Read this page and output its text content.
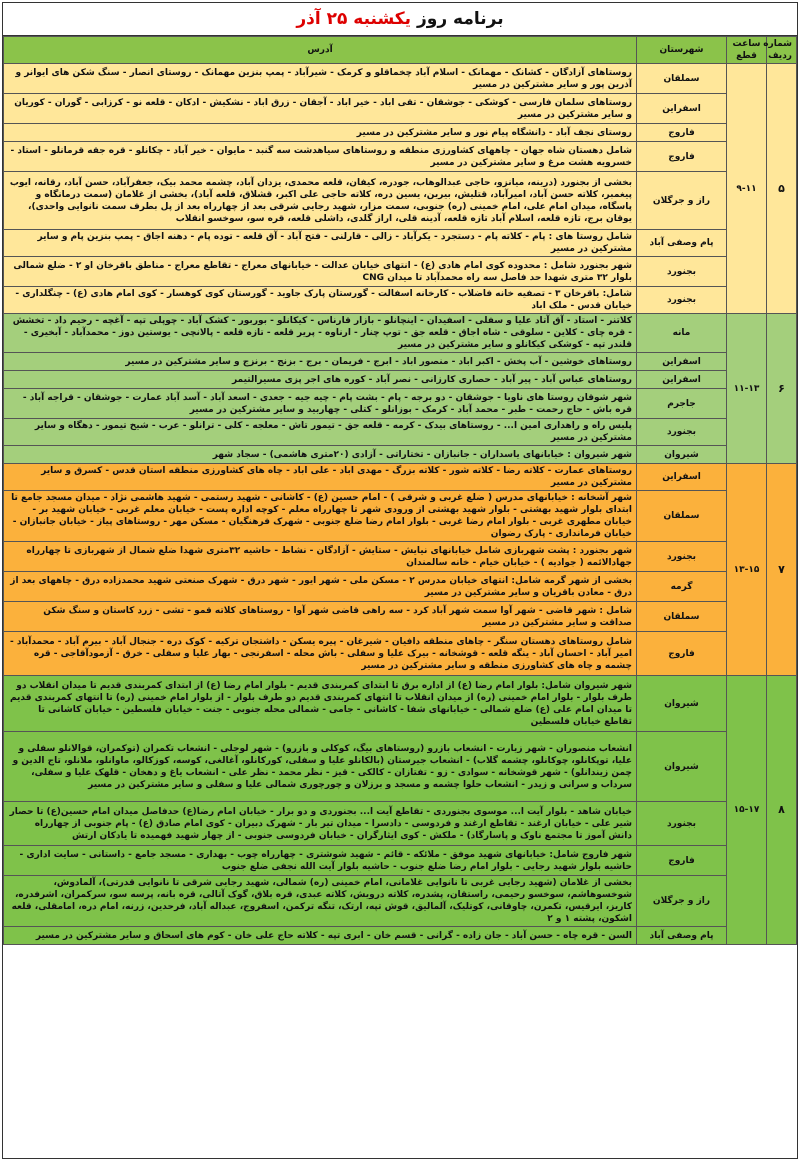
برنامه روز یکشنبه ۲۵ آذر
شماره ردیف	ساعت قطع	شهرستان	آدرس
۵	۹-۱۱	سملقان	روستاهای آزادگان - کشانک - مهمانک - اسلام آباد چخماقلو و کرمک - شیرآباد - پمپ بنزین مهمانک - روستای انصار - سنگ شکن های ایوانر و آذرین پور و سایر مشترکین در مسیر
		اسفراین	روستاهای سلمان فارسی - کوشکی - جوشقان - تقی اباد - خیر اباد - آجقان - زرق اباد - نشکیش - ادکان - قلعه نو - کرزابی - گوران - کوریان و سایر مشترکین در مسیر
		فاروج	روستای نجف آباد - دانشگاه پیام نور و سایر مشترکین در مسیر
		فاروج	شامل دهستان شاه جهان - چاههای کشاورزی منطقه و روستاهای سیاهدشت سه گنبد - مایوان - خیر آباد - چکانلو - قره جقه قرمانلو - استاد - خسرویه هشت مرغ و سایر مشترکین در مسیر
		راز و جرگلان	بخشی از بجنورد (درینه، میانزو، حاجی عبدالوهاب، جودره، کیفان، قلعه محمدی، یزدان آباد، چشمه محمد بیک، جعفرآباد، حسن آباد، رقانه، ایوب پیغمبر، کلاته حسن آباد، امیرآباد، قتلیش، بیرین، یسین دره، کلاته حاجی علی اکبر، قشلاق، قلعه آباد)، بخشی از غلامان (سمت درمانگاه و پاسگاه، میدان امام علی، امام خمینی (ره) جنوبی، سمت مزار، شهید رجایی شرقی بعد از چهارراه بعد از پل بطرف سمت نانوایی واحدی)، یوقان برج، تازه قلعه، اسلام آباد تازه قلعه، آدینه قلی، اراز گلدی، داشلی قلعه، قره سو، سوخسو انقلاب
		پام وصفی آباد	شامل روستا های : پام - کلاته پام - دستجرد - یکرآباد - زالی - قارلنی - فتح آباد - آق قلعه - توده پام - دهنه اجاق - پمپ بنزین پام و سایر مشترکین در مسیر
		بجنورد	شهر بجنورد شامل : محدوده کوی امام هادی (ع) - انتهای خیابان عدالت - خیابانهای معراج - تقاطع معراج - مناطق باقرخان او ۲ - ضلع شمالی بلوار ۳۲ متری شهدا حد فاصل سه راه محمدآباد تا میدان CNG
		بجنورد	شامل: باقرخان ۳ - تصفیه خانه فاضلاب - کارخانه اسفالت - گورستان پارک جاوید - گورستان کوی کوهسار - کوی امام هادی (ع) - چنگلداری - خیابان قدس - ملک اباد
۶	۱۱-۱۳	مانه	کلاتنر - استاد - آق آتاد علیا و سفلی - اسفیدان - اینچانلو - بازار قارناس - کیکانلو - بوربور - کشک آباد - چوپلی تپه - آغچه - رحیم داد - تخشش - قره چای - کلاین - سلوقی - شاه اجاق - قلعه جق - توپ چنار - ارناوه - پریر قلعه - تازه قلعه - پالانچی - یوستین دوز - محمدآباد - آبخیری - قلندر تپه - کوشکی کیکانلو و سایر مشترکین در مسیر
		اسفراین	روستاهای خوشین - آب پخش - اکبر اباد - منصور اباد - ابرج - فریمان - برج - بزنج - برنزج و سایر مشترکین در مسیر
		اسفراین	روستاهای عباس آباد - پیر آباد - حصاری کارزانی - نصر آباد - کوره های اجر پزی مسیرالتیمر
		جاجرم	شهر شوقان روستا های ناویا - جوشقان - دو برجه - پام - بشت پام - چیه جیه - جعدی - اسعد آباد - آسد آباد عمارت - جوشقان - قراجه آباد - قره باش - حاج رحمت - طبر - محمد آباد - کرمک - بوزانلو - کتلی - چهاربید و سایر مشترکین در مسیر
		بجنورد	پلیس راه و راهداری امین ا... - روستاهای بیدک - کرمه - قلعه جق - تیمور تاش - معلجه - کلی - ترانلو - عرب - شیخ تیمور - دهگاه و سایر مشترکین در مسیر
		شیروان	شهر شیروان : خیابانهای یاسداران - جانبازان - تختاراتی - آزادی (۲۰متری هاشمی) - سجاد شهر
۷	۱۳-۱۵	اسفراین	روستاهای عمارت - کلاته رضا - کلاته شور - کلاته بزرگ - مهدی اباد - علی اباد - چاه های کشاورزی منطقه استان قدس - کسرق و سایر مشترکین در مسیر
		سملقان	شهر آشخانه : خیابانهای مدرس ( ضلع غربی و شرقی ) - امام حسین (ع) - کاشانی - شهید رستمی - شهید هاشمی نژاد - میدان مسجد جامع تا ابتدای بلوار شهید بهشتی - بلوار شهید بهشتی از ورودی شهر تا چهارراه معلم - کوچه اداره پست - خیابان معلم غربی - خیابان شهید بر - خیابان مطهری غربی - بلوار امام رضا غربی - بلوار امام رضا ضلع جنوبی - شهرک فرهنگیان - مسکن مهر - روستاهای پیاز - خیابان جانبازان - خیابان فرمانداری - پارک رضوان
		بجنورد	شهر بجنورد : پشت شهربازی شامل خیابانهای نیایش - ستایش - آزادگان - نشاط - حاشیه ۳۲متری شهدا ضلع شمال از شهربازی تا چهارراه جهادالائمه ( جوادیه ) - خیابان خیام - خانه سالمندان
		گرمه	بخشی از شهر گرمه شامل: انتهای خیابان مدرس ۲ - مسکن ملی - شهر ایور - شهر درق - شهرک صنعتی شهید محمدزاده درق - چاههای بعد از درق - معادن باقریان و سایر مشترکین در مسیر
		سملقان	شامل : شهر قاضی - شهر آوا سمت شهر آباد کرد - سه راهی قاضی شهر آوا - روستاهای کلاته قمو - تشی - زرد کاستان و سنگ شکن صداقت و سایر مشترکین در مسیر
		فاروج	شامل روستاهای دهستان سنگر - چاهای منطقه دافیان - شیرغان - پیره یسکن - داشتجان ترکیه - کوک دره - جنجال آباد - بیرم آباد - محمدآباد - امیر آباد - احسان آباد - ینگه قلعه - قوشخانه - بیرک علیا و سفلی - باش محله - اسفرنجی - بهار علیا و سفلی - خرق - آزمودآقاجی - قره چشمه و چاه های کشاورزی منطقه و سایر مشترکین در مسیر
۸	۱۵-۱۷	شیروان	شهر شیروان شامل: بلوار امام رضا (ع) از اداره برق تا ابتدای کمربندی قدیم - بلوار امام رضا (ع) از ابتدای کمربندی قدیم تا میدان انقلاب دو طرف بلوار - بلوار امام خمینی (ره) از میدان انقلاب تا انتهای کمربندی قدیم دو طرف بلوار - از بلوار امام خمینی (ره) تا انتهای کمربندی قدیم تا میدان امام علی (ع) ضلع شمالی - خیابانهای شفا - کاشانی - جامی - شمالی محله جنوبی - جنت - خیابان فلسطین - خیابان کاشانی تا تقاطع خیابان فلسطین
		شیروان	انشعاب منصوران - شهر زیارت - انشعاب بازرو (روستاهای بیگ، کوکلی و بازرو) - شهر لوجلی - انشعاب تکمران (توکمران، قوالانلو سفلی و علیا، توپکانلو، چوکانلو، چشمه گلاب) - انشعاب جیرستان (بالکانلو علیا و سفلی، کورکانلو، آغالغی، کوسه، کوزکالو، ماوانلو، ملانلو، تاج الدین و چمن زیندانلو) - شهر قوشخانه - سوادی - زو - تفتازان - کالکی - قیز - نظر محمد - نظر علی - انشعاب یاغ و دهخان - قلهک علیا و سفلی، سرداب و سرانی و زیدر - انشعاب حلوا چشمه و مسجد و برزلان و چورچوری شمالی علیا و سفلی و سایر مشترکین در مسیر
		بجنورد	خیابان شاهد - بلوار آیت ا... موسوی بجنوردی - تقاطع آیت ا... بجنوردی و دو برار - خیابان امام رضا(ع) حدفاصل میدان امام حسین(ع) تا حصار شیر علی - خیابان ارغند - تقاطع ارغند و فردوسی - دادسرا - میدان تیر بار - شهرک دبیران - کوی امام صادق (ع) - پام جنوبی از چهارراه دانش آموز تا مجتمع ناوک و پاسارگاد) - ملکش - کوی ایثارگران - خیابان فردوسی جنوبی - از چهار شهید فهمیده تا یادکان ارتش
		فاروج	شهر فاروج شامل: خیابانهای شهید موفق - ملائکه - قائم - شهید شوشتری - چهارراه چوب - بهداری - مسجد جامع - داستانی - سایت اداری - حاشیه بلوار شهید رجایی - بلوار امام رضا ضلع جنوب - حاشیه بلوار آیت الله نجفی ضلع جنوب
		راز و جرگلان	بخشی از غلامان (شهید رجایی غربی تا نانوایی غلامانی، امام خمینی (ره) شمالی، شهید رجایی شرقی تا نانوایی قدرتی)، آلمادوش، شوخسوهاشم، سوخسو رحیمی، راستقان، پشدره، کلاته درویش، کلاته عبدی، قره بلاق، گوک آتالی، قره بانه، پرسه سو، سرکمران، اشرفدره، کاریز، ایرقیس، تکمرن، چاوقانی، کوتلیک، آلمالیق، قوش تپه، ارتک، تنگه ترکمن، اسفروج، عبداله آباد، فرحدین، زرنه، امام دره، امامقلی، قلعه اشکون، پشته ۱ و ۲
		پام وصفی آباد	السن - قره چاه - حسن آباد - جان زاده - گرانی - قسم خان - ابری تپه - کلاته حاج علی خان - کوم های اسحاق و سایر مشترکین در مسیر
